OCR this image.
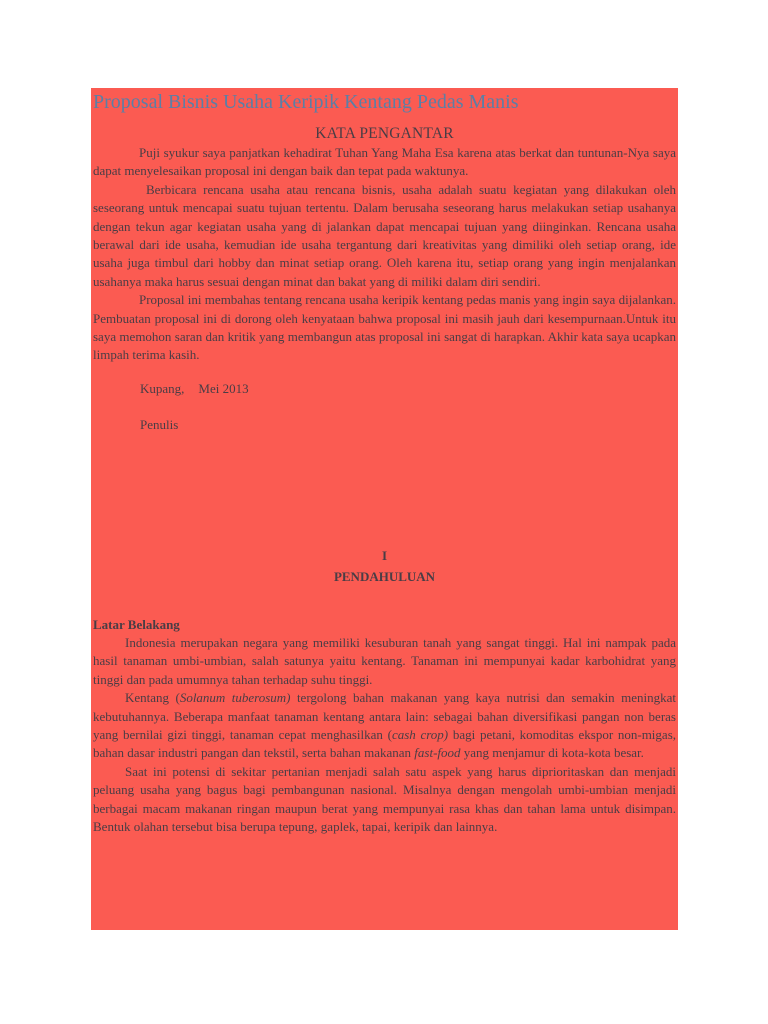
Proposal Bisnis Usaha Keripik Kentang Pedas Manis
KATA PENGANTAR

Puji syukur saya panjatkan kehadirat Tuhan Yang Maha Esa karena atas berkat dan tuntunan-Nya saya dapat menyelesaikan proposal ini dengan baik dan tepat pada waktunya.

Berbicara rencana usaha atau rencana bisnis, usaha adalah suatu kegiatan yang dilakukan oleh seseorang untuk mencapai suatu tujuan tertentu. Dalam berusaha seseorang harus melakukan setiap usahanya dengan tekun agar kegiatan usaha yang di jalankan dapat mencapai tujuan yang diinginkan. Rencana usaha berawal dari ide usaha, kemudian ide usaha tergantung dari kreativitas yang dimiliki oleh setiap orang, ide usaha juga timbul dari hobby dan minat setiap orang. Oleh karena itu, setiap orang yang ingin menjalankan usahanya maka harus sesuai dengan minat dan bakat yang di miliki dalam diri sendiri.

Proposal ini membahas tentang rencana usaha keripik kentang pedas manis yang ingin saya dijalankan. Pembuatan proposal ini di dorong oleh kenyataan bahwa proposal ini masih jauh dari kesempurnaan.Untuk itu saya memohon saran dan kritik yang membangun atas proposal ini sangat di harapkan. Akhir kata saya ucapkan limpah terima kasih.

Kupang, Mei 2013

Penulis

I

PENDAHULUAN

Latar Belakang

Indonesia merupakan negara yang memiliki kesuburan tanah yang sangat tinggi. Hal ini nampak pada hasil tanaman umbi-umbian, salah satunya yaitu kentang. Tanaman ini mempunyai kadar karbohidrat yang tinggi dan pada umumnya tahan terhadap suhu tinggi.

Kentang (Solanum tuberosum) tergolong bahan makanan yang kaya nutrisi dan semakin meningkat kebutuhannya. Beberapa manfaat tanaman kentang antara lain: sebagai bahan diversifikasi pangan non beras yang bernilai gizi tinggi, tanaman cepat menghasilkan (cash crop) bagi petani, komoditas ekspor non-migas, bahan dasar industri pangan dan tekstil, serta bahan makanan fast-food yang menjamur di kota-kota besar.

Saat ini potensi di sekitar pertanian menjadi salah satu aspek yang harus diprioritaskan dan menjadi peluang usaha yang bagus bagi pembangunan nasional. Misalnya dengan mengolah umbi-umbian menjadi berbagai macam makanan ringan maupun berat yang mempunyai rasa khas dan tahan lama untuk disimpan. Bentuk olahan tersebut bisa berupa tepung, gaplek, tapai, keripik dan lainnya.
